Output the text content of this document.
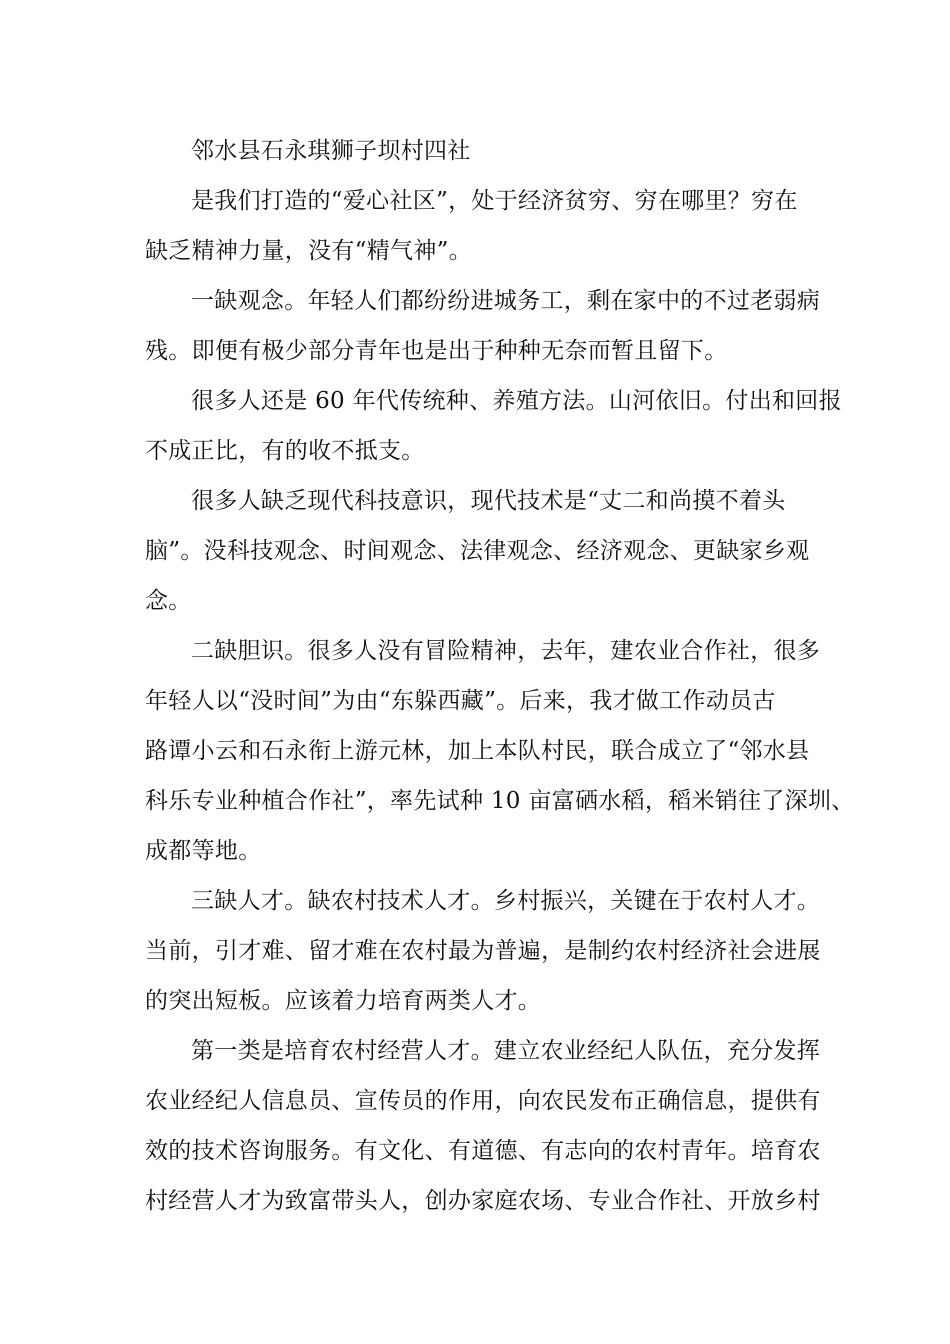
邻水县石永琪狮子坝村四社
是我们打造的“爱心社区”，处于经济贫穷、穷在哪里？穷在
缺乏精神力量，没有“精气神”。
一缺观念。年轻人们都纷纷进城务工，剩在家中的不过老弱病
残。即便有极少部分青年也是出于种种无奈而暂且留下。
很多人还是 60 年代传统种、养殖方法。山河依旧。付出和回报
不成正比，有的收不抵支。
很多人缺乏现代科技意识，现代技术是“丈二和尚摸不着头
脑”。没科技观念、时间观念、法律观念、经济观念、更缺家乡观
念。
二缺胆识。很多人没有冒险精神，去年，建农业合作社，很多
年轻人以“没时间”为由“东躲西藏”。后来，我才做工作动员古
路谭小云和石永衔上游元林，加上本队村民，联合成立了“邻水县
科乐专业种植合作社”，率先试种 10 亩富硒水稻，稻米销往了深圳、
成都等地。
三缺人才。缺农村技术人才。乡村振兴，关键在于农村人才。
当前，引才难、留才难在农村最为普遍，是制约农村经济社会进展
的突出短板。应该着力培育两类人才。
第一类是培育农村经营人才。建立农业经纪人队伍，充分发挥
农业经纪人信息员、宣传员的作用，向农民发布正确信息，提供有
效的技术咨询服务。有文化、有道德、有志向的农村青年。培育农
村经营人才为致富带头人，创办家庭农场、专业合作社、开放乡村
